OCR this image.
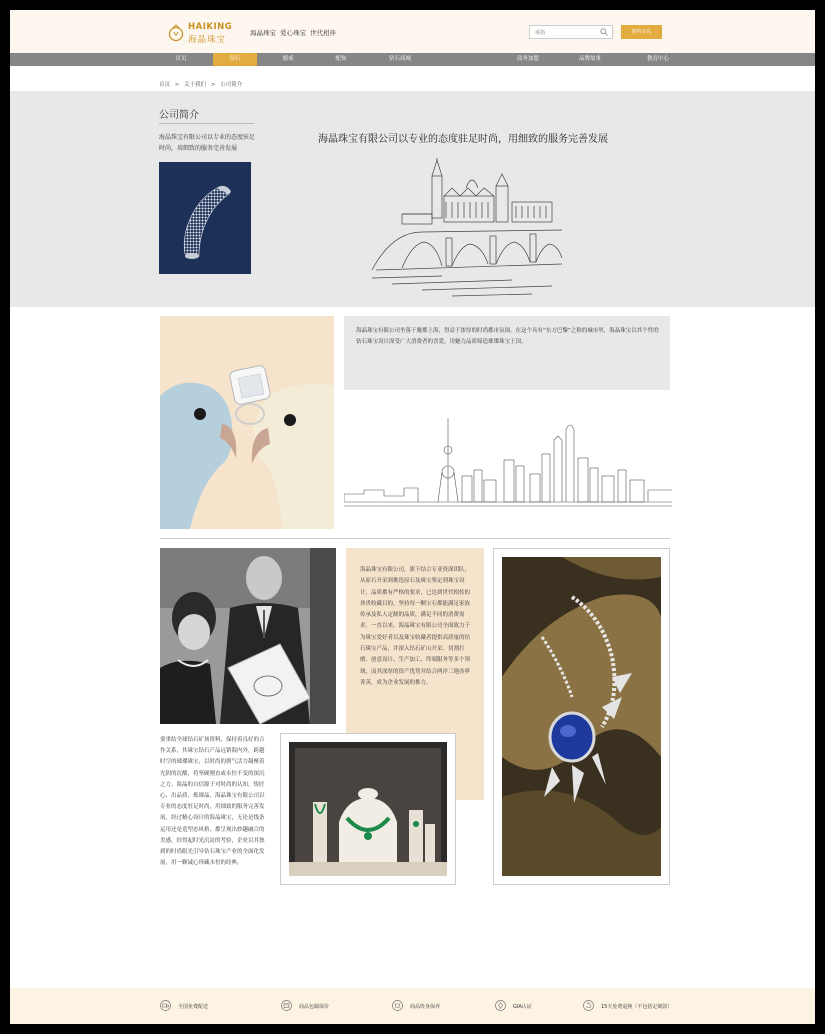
HAIKING
海晶珠宝
海晶珠宝 爱心珠宝 世代相伴
戒指	预约有礼
首页	钻石	婚戒	配饰	钻石商城	商务加盟	品牌故事	教育中心
首页 > 关于我们 > 公司简介
公司简介
海晶珠宝有限公司以专业的态度驻足时尚，用细致的服务完善发展
海晶珠宝有限公司以专业的态度驻足时尚，用细致的服务完善发展

海晶珠宝有限公司坐落于魔都上海，得益于浓厚的时尚都市氛围，在这个具有“东方巴黎”之称的城市里，海晶珠宝以其个性的钻石珠宝设计深受广大消费者的喜爱，用魅力品质缔造璀璨珠宝王国。

海晶珠宝有限公司，旗下结合专业资深团队，从原石开采到挑选原石及珠宝鉴定到珠宝设计，品质都有严格的要求，已达到世代相传的珍贵收藏目的，坚持每一颗宝石都能满足家族传承及私人定制的品质，满足不同的消费需求。一直以来，海晶珠宝有限公司全面致力于为珠宝爱好者以及珠宝收藏者提供高质量的钻石珠宝产品，并深入钻石矿山开采、切割打磨、创意设计、生产加工、终端服务等多个领域，而其深厚的资产优势并结合两岸三地各界菁英，成为企业发展的推力。

要重结全球钻石矿场资料，保持着良好的合作关系，其珠宝钻石产品远销海内外，跨越时空的璀璨珠宝，以时尚的朝气活力凝聚着光阴的沉酿，将坚硬刚直或永恒不变的深沉之力。海晶的自信源于对时尚的认知，铸匠心、出品质、炼璀晶，海晶珠宝有限公司以专业的态度驻足时尚，用细致的服务完善发展，经过精心设计的海晶珠宝，无论是线条运用还是造型态风格，都呈现出妙趣融合的美感，经得起时光沉淀的考验，企业以其独到的时尚眼光引导钻石珠宝产业的全面化发展，用一颗诚心珍藏永恒的经典。
全国免费配送	商品包邮保价	商品终身保养	GIA认证	15天免费退换（不包括定制款）
